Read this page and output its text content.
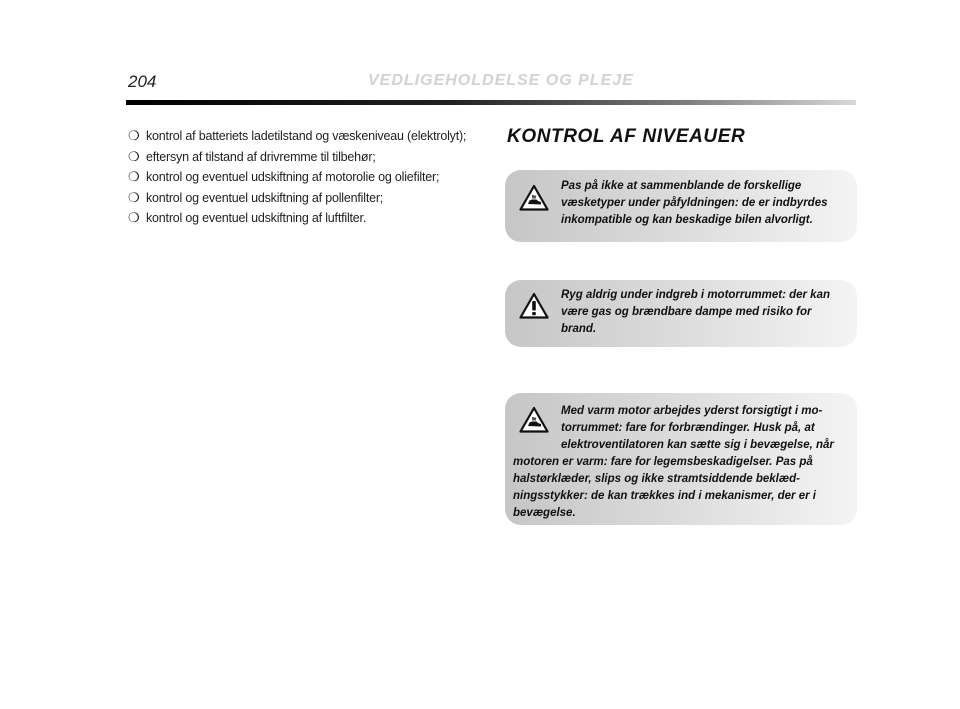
204	VEDLIGEHOLDELSE OG PLEJE
❍ kontrol af batteriets ladetilstand og væskeniveau (elektrolyt);
❍ eftersyn af tilstand af drivremme til tilbehør;
❍ kontrol og eventuel udskiftning af motorolie og oliefilter;
❍ kontrol og eventuel udskiftning af pollenfilter;
❍ kontrol og eventuel udskiftning af luftfilter.
KONTROL AF NIVEAUER
Pas på ikke at sammenblande de forskellige
væsketyper under påfyldningen: de er indbyrdes
inkompatible og kan beskadige bilen alvorligt.
Ryg aldrig under indgreb i motorrummet: der kan
være gas og brændbare dampe med risiko for
brand.
Med varm motor arbejdes yderst forsigtigt i mo-
torrummet: fare for forbrændinger. Husk på, at
elektroventilatoren kan sætte sig i bevægelse, når
motoren er varm: fare for legemsbeskadigelser. Pas på
halstørklæder, slips og ikke stramtsiddende beklæd-
ningsstykker: de kan trækkes ind i mekanismer, der er i
bevægelse.
